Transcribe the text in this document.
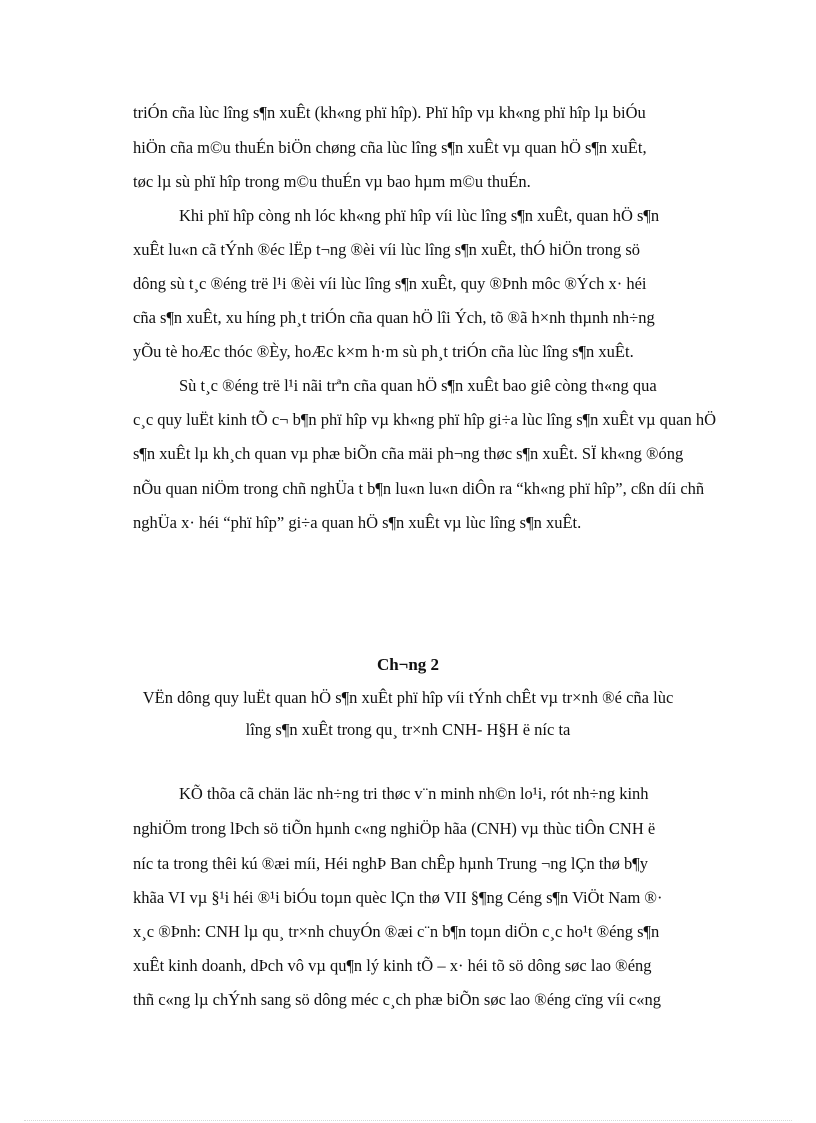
triÓn cña lùc lîng s¶n xuÊt (kh«ng phï hîp). Phï hîp vµ kh«ng phï hîp lµ biÓu
hiÖn cña m©u thuÉn biÖn chøng cña lùc lîng s¶n xuÊt vµ quan hÖ s¶n xuÊt,
tøc lµ sù phï hîp trong m©u thuÉn vµ bao hµm m©u thuÉn.
Khi phï hîp còng nh lóc kh«ng phï hîp víi lùc lîng s¶n xuÊt, quan hÖ s¶n
xuÊt lu«n cã tÝnh ®éc lËp t¬ng ®èi víi lùc lîng s¶n xuÊt, thÓ hiÖn trong sö
dông sù t¸c ®éng trë l¹i ®èi víi lùc lîng s¶n xuÊt, quy ®Þnh môc ®Ých x· héi
cña s¶n xuÊt, xu híng ph¸t triÓn cña quan hÖ lîi Ých, tõ ®ã h×nh thµnh nh÷ng
yÕu tè hoÆc thóc ®Èy, hoÆc k×m h·m sù ph¸t triÓn cña lùc lîng s¶n xuÊt.
Sù t¸c ®éng trë l¹i nãi trªn cña quan hÖ s¶n xuÊt bao giê còng th«ng qua
c¸c quy luËt kinh tÕ c¬ b¶n phï hîp vµ kh«ng phï hîp gi÷a lùc lîng s¶n xuÊt vµ quan hÖ
s¶n xuÊt lµ kh¸ch quan vµ phæ biÕn cña mäi ph¬ng thøc s¶n xuÊt. SÏ kh«ng ®óng
nÕu quan niÖm trong chñ nghÜa t b¶n lu«n lu«n diÔn ra “kh«ng phï hîp”, cßn díi chñ
nghÜa x· héi “phï hîp” gi÷a quan hÖ s¶n xuÊt vµ lùc lîng s¶n xuÊt.
Ch¬ng 2
VËn dông quy luËt quan hÖ s¶n xuÊt phï hîp víi tÝnh chÊt vµ tr×nh ®é cña lùc
lîng s¶n xuÊt trong qu¸ tr×nh CNH- H§H ë níc ta
KÕ thõa cã chän läc nh÷ng tri thøc v¨n minh nh©n lo¹i, rót nh÷ng kinh
nghiÖm trong lÞch sö tiÕn hµnh c«ng nghiÖp hãa (CNH) vµ thùc tiÔn CNH ë
níc ta trong thêi kú ®æi míi, Héi nghÞ Ban chÊp hµnh Trung ¬ng lÇn thø b¶y
khãa VI vµ §¹i héi ®¹i biÓu toµn quèc lÇn thø VII §¶ng Céng s¶n ViÖt Nam ®·
x¸c ®Þnh: CNH lµ qu¸ tr×nh chuyÓn ®æi c¨n b¶n toµn diÖn c¸c ho¹t ®éng s¶n
xuÊt kinh doanh, dÞch vô vµ qu¶n lý kinh tÕ – x· héi tõ sö dông søc lao ®éng
thñ c«ng lµ chÝnh sang sö dông méc c¸ch phæ biÕn søc lao ®éng cïng víi c«ng
